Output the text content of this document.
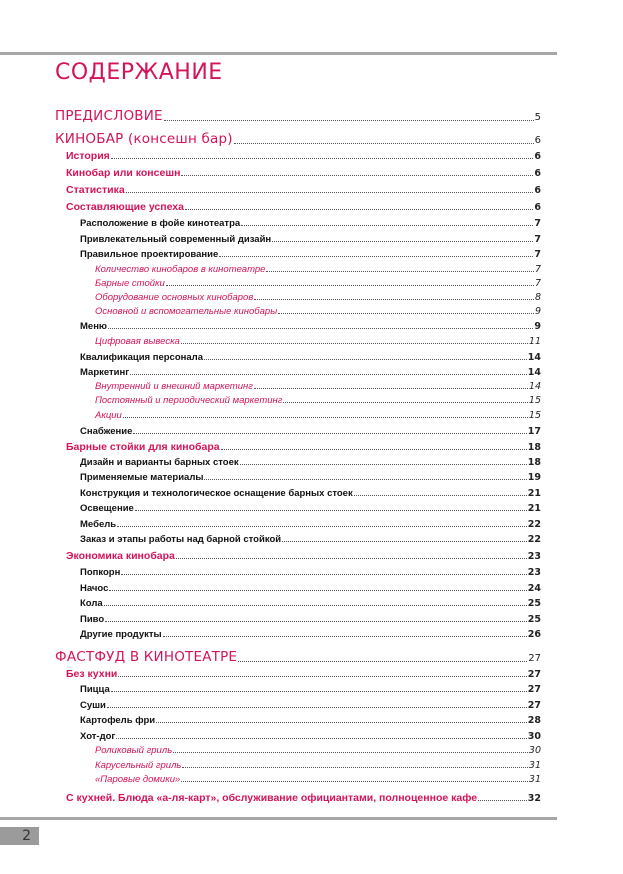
СОДЕРЖАНИЕ
ПРЕДИСЛОВИЕ	5
КИНОБАР (консешн бар)	6
История	6
Кинобар или консешн	6
Статистика	6
Составляющие успеха	6
Расположение в фойе кинотеатра	7
Привлекательный современный дизайн	7
Правильное проектирование	7
Количество кинобаров в кинотеатре	7
Барные стойки	7
Оборудование основных кинобаров	8
Основной и вспомогательные кинобары	9
Меню	9
Цифровая вывеска	11
Квалификация персонала	14
Маркетинг	14
Внутренний и внешний маркетинг	14
Постоянный и периодический маркетинг	15
Акции	15
Снабжение	17
Барные стойки для кинобара	18
Дизайн и варианты барных стоек	18
Применяемые материалы	19
Конструкция и технологическое оснащение барных стоек	21
Освещение	21
Мебель	22
Заказ и этапы работы над барной стойкой	22
Экономика кинобара	23
Попкорн	23
Начос	24
Кола	25
Пиво	25
Другие продукты	26
ФАСТФУД В КИНОТЕАТРЕ	27
Без кухни	27
Пицца	27
Суши	27
Картофель фри	28
Хот-дог	30
Роликовый гриль	30
Карусельный гриль	31
«Паровые домики»	31
С кухней. Блюда «а-ля-карт», обслуживание официантами, полноценное кафе	32
2
